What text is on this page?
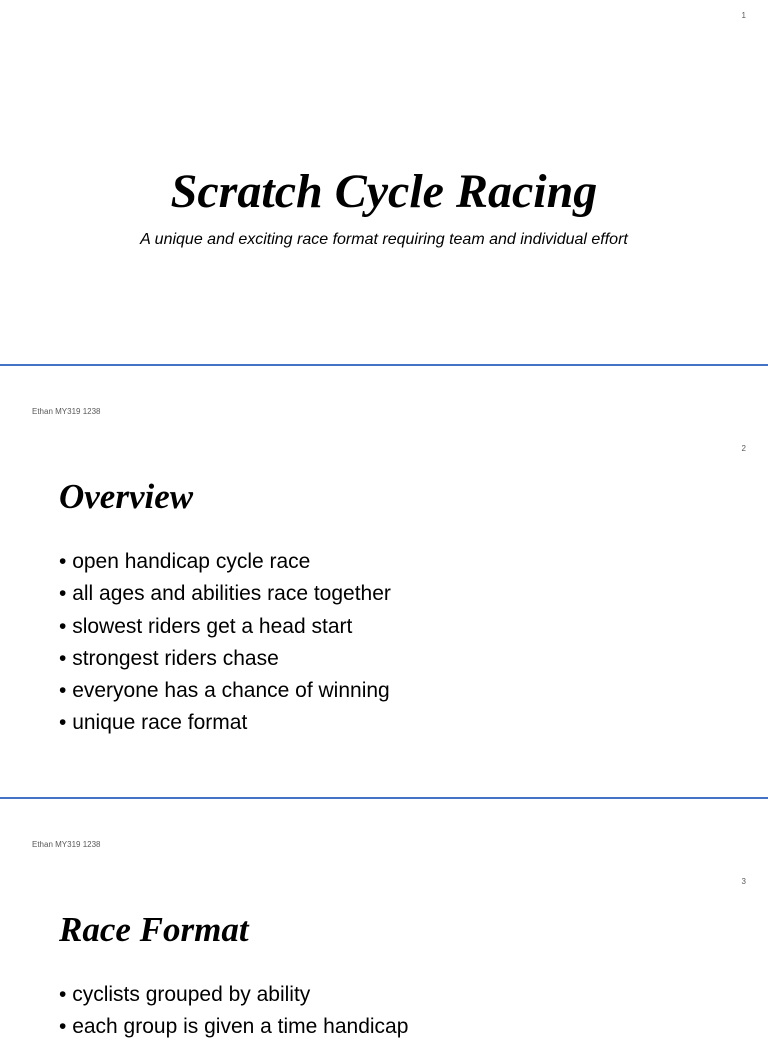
1
Scratch Cycle Racing
A unique and exciting race format requiring team and individual effort
Ethan MY319 1238
2
Overview
• open handicap cycle race
• all ages and abilities race together
• slowest riders get a head start
• strongest riders chase
• everyone has a chance of winning
• unique race format
Ethan MY319 1238
3
Race Format
• cyclists grouped by ability
• each group is given a time handicap
